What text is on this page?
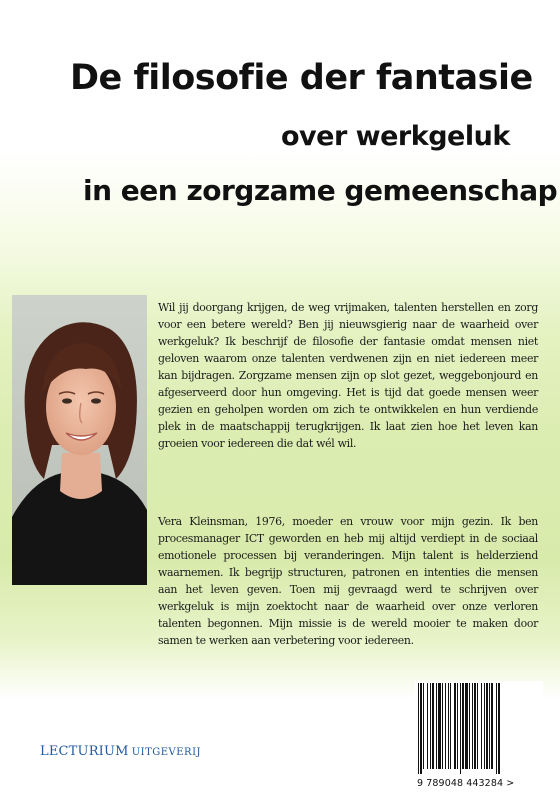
De filosofie der fantasie
over werkgeluk
in een zorgzame gemeenschap

Wil jij doorgang krijgen, de weg vrijmaken, talenten herstellen en zorg voor een betere wereld? Ben jij nieuwsgierig naar de waarheid over werkgeluk? Ik beschrijf de filosofie der fantasie omdat mensen niet geloven waarom onze talenten verdwenen zijn en niet iedereen meer kan bijdragen. Zorgzame mensen zijn op slot gezet, weggebonjourd en afgeserveerd door hun omgeving. Het is tijd dat goede mensen weer gezien en geholpen worden om zich te ontwikkelen en hun verdiende plek in de maatschappij terugkrijgen. Ik laat zien hoe het leven kan groeien voor iedereen die dat wél wil.

Vera Kleinsman, 1976, moeder en vrouw voor mijn gezin. Ik ben procesmanager ICT geworden en heb mij altijd verdiept in de sociaal emotionele processen bij veranderingen. Mijn talent is helderziend waarnemen. Ik begrijp structuren, patronen en intenties die mensen aan het leven geven. Toen mij gevraagd werd te schrijven over werkgeluk is mijn zoektocht naar de waarheid over onze verloren talenten begonnen. Mijn missie is de wereld mooier te maken door samen te werken aan verbetering voor iedereen.

LECTURIUM UITGEVERIJ
9 789048 443284 >
